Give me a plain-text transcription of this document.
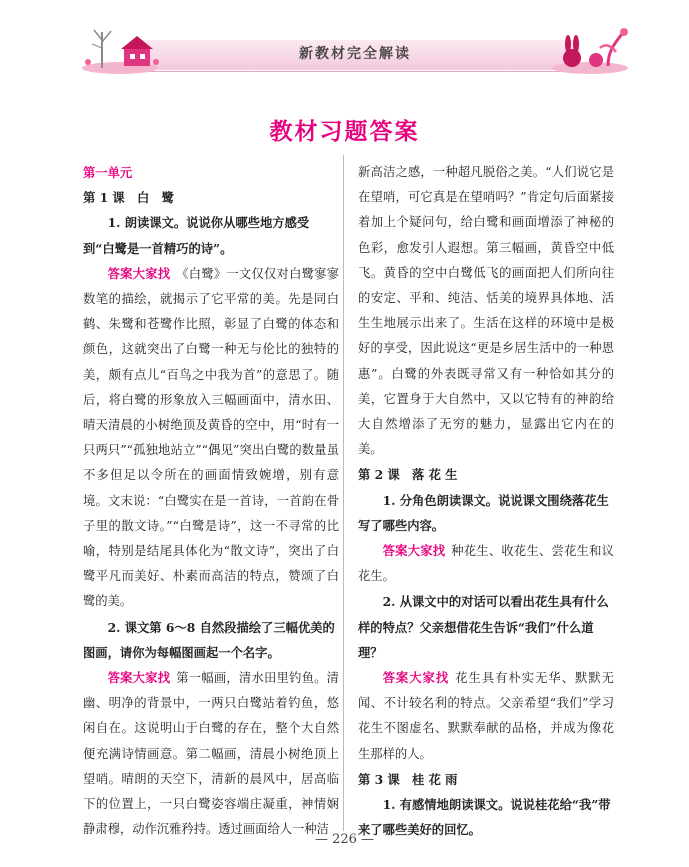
新教材完全解读
教材习题答案
第一单元
第 1 课　白　鹭

1. 朗读课文。说说你从哪些地方感受到“白鹭是一首精巧的诗”。

答案大家找 《白鹭》一文仅仅对白鹭寥寥数笔的描绘，就揭示了它平常的美。先是同白鹤、朱鹭和苍鹭作比照，彰显了白鹭的体态和颜色，这就突出了白鹭一种无与伦比的独特的美，颇有点儿“百鸟之中我为首”的意思了。随后，将白鹭的形象放入三幅画面中，清水田、晴天清晨的小树绝顶及黄昏的空中，用“时有一只两只”“孤独地站立”“偶见”突出白鹭的数量虽不多但足以令所在的画面情致婉增，别有意境。文末说：“白鹭实在是一首诗，一首韵在骨子里的散文诗。”“白鹭是诗”，这一不寻常的比喻，特别是结尾具体化为“散文诗”，突出了白鹭平凡而美好、朴素而高洁的特点，赞颂了白鹭的美。

2. 课文第 6～8 自然段描绘了三幅优美的图画，请你为每幅图画起一个名字。

答案大家找 第一幅画，清水田里钓鱼。清幽、明净的背景中，一两只白鹭站着钓鱼，悠闲自在。这说明山于白鹭的存在，整个大自然便充满诗情画意。第二幅画，清晨小树绝顶上望哨。晴朗的天空下，清新的晨风中，居高临下的位置上，一只白鹭姿容端庄凝重，神情娴静肃穆，动作沉雅矜持。透过画面给人一种洁

新高洁之感，一种超凡脱俗之美。“人们说它是在望哨，可它真是在望哨吗？”肯定句后面紧接着加上个疑问句，给白鹭和画面增添了神秘的色彩，愈发引人遐想。第三幅画，黄昏空中低飞。黄昏的空中白鹭低飞的画面把人们所向往的安定、平和、纯洁、恬美的境界具体地、活生生地展示出来了。生活在这样的环境中是极好的享受，因此说这“更是乡居生活中的一种恩惠”。白鹭的外表既寻常又有一种恰如其分的美，它置身于大自然中，又以它特有的神韵给大自然增添了无穷的魅力，显露出它内在的美。

第 2 课　落 花 生

1. 分角色朗读课文。说说课文围绕落花生写了哪些内容。

答案大家找 种花生、收花生、尝花生和议花生。

2. 从课文中的对话可以看出花生具有什么样的特点？父亲想借花生告诉“我们”什么道理？

答案大家找 花生具有朴实无华、默默无闻、不计较名利的特点。父亲希望“我们”学习花生不图虚名、默默奉献的品格，并成为像花生那样的人。

第 3 课　桂 花 雨

1. 有感情地朗读课文。说说桂花给“我”带来了哪些美好的回忆。

— 226 —
